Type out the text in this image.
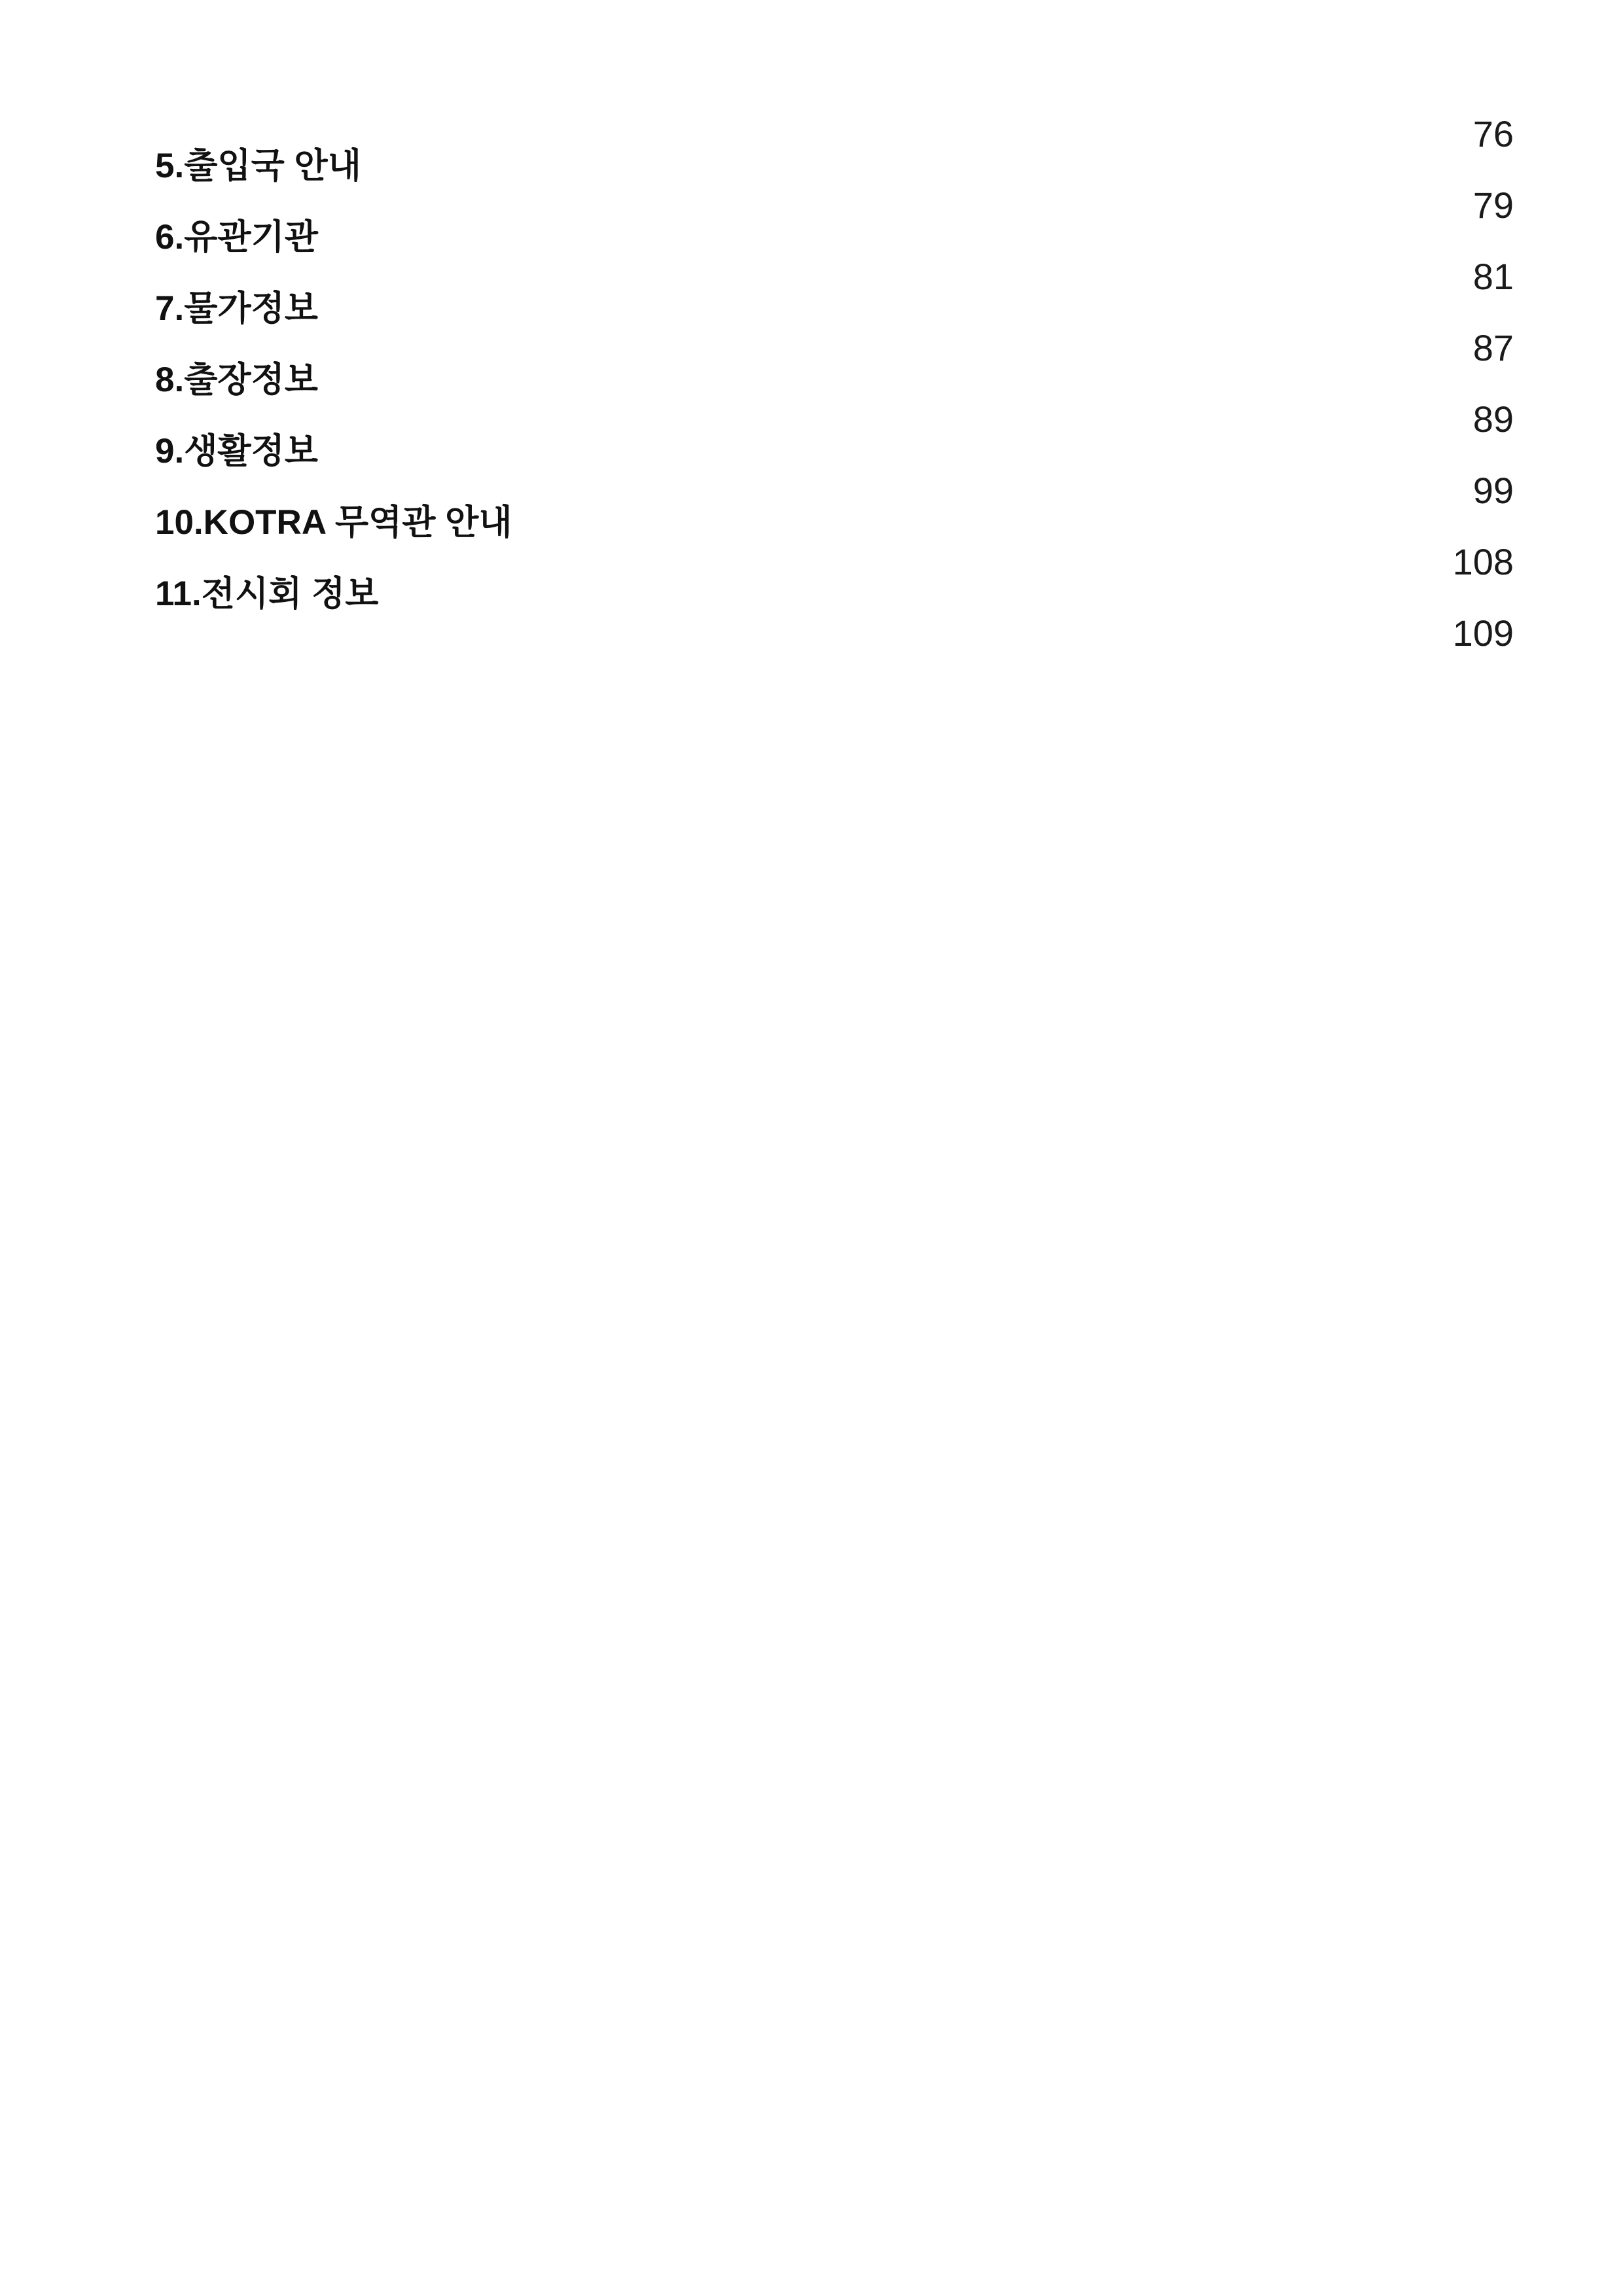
5.출입국 안내
6.유관기관
7.물가정보
8.출장정보
9.생활정보
10.KOTRA 무역관 안내
11.전시회 정보
76
79
81
87
89
99
108
109
